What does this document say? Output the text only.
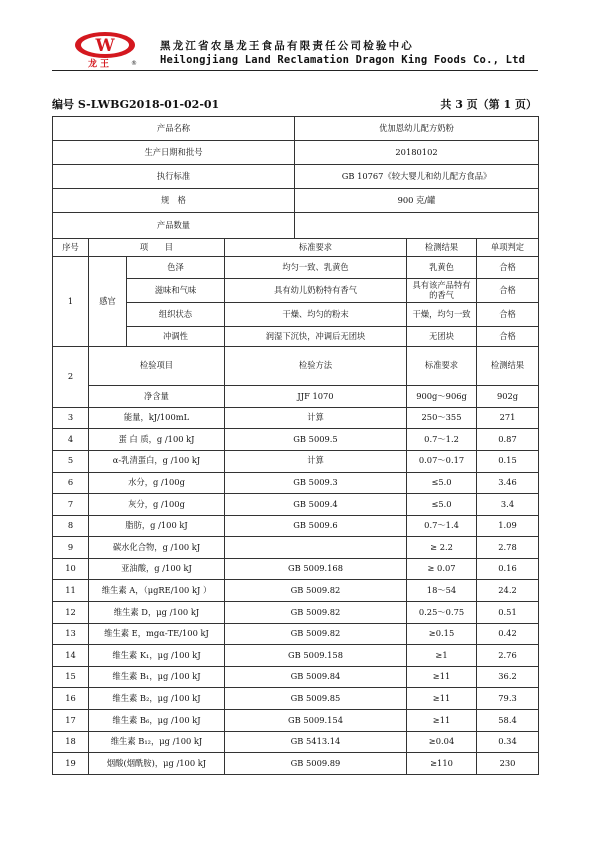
W
龙王	®
黑龙江省农垦龙王食品有限责任公司检验中心
Heilongjiang Land Reclamation Dragon King Foods Co., Ltd
编号 S-LWBG2018-01-02-01	共 3 页（第 1 页）
产品名称				优加恩幼儿配方奶粉			
生产日期和批号				20180102			
执行标准				GB 10767《较大婴儿和幼儿配方食品》			
规　格				900 克/罐			
产品数量							
序号	项　　目		标准要求		检测结果	单项判定	
1	感官	色泽	均匀一致、乳黄色		乳黄色	合格	
		滋味和气味	具有幼儿奶粉特有香气		具有该产品特有的香气	合格	
		组织状态	干燥、均匀的粉末		干燥，均匀一致	合格	
		冲调性	润湿下沉快，冲调后无团块		无团块	合格	
2	检验项目		检验方法		标准要求	检测结果	
	净含量		JJF 1070		900g～906g	902g	
3	能量，kJ/100mL		计算		250～355	271	
4	蛋 白 质，g /100 kJ		GB 5009.5		0.7～1.2	0.87	
5	α-乳清蛋白，g /100 kJ		计算		0.07～0.17	0.15	
6	水分，g /100g		GB 5009.3		≤5.0	3.46	
7	灰分，g /100g		GB 5009.4		≤5.0	3.4	
8	脂肪，g /100 kJ		GB 5009.6		0.7～1.4	1.09	
9	碳水化合物，g /100 kJ				≥ 2.2	2.78	
10	亚油酸，g /100 kJ		GB 5009.168		≥ 0.07	0.16	
11	维生素 A，（μgRE/100 kJ ）		GB 5009.82		18～54	24.2	
12	维生素 D，μg /100 kJ		GB 5009.82		0.25～0.75	0.51	
13	维生素 E，mgα-TE/100 kJ		GB 5009.82		≥0.15	0.42	
14	维生素 K₁，μg /100 kJ		GB 5009.158		≥1	2.76	
15	维生素 B₁，μg /100 kJ		GB 5009.84		≥11	36.2	
16	维生素 B₂，μg /100 kJ		GB 5009.85		≥11	79.3	
17	维生素 B₆，μg /100 kJ		GB 5009.154		≥11	58.4	
18	维生素 B₁₂，μg /100 kJ		GB 5413.14		≥0.04	0.34	
19	烟酸(烟酰胺)，μg /100 kJ		GB 5009.89		≥110	230	
